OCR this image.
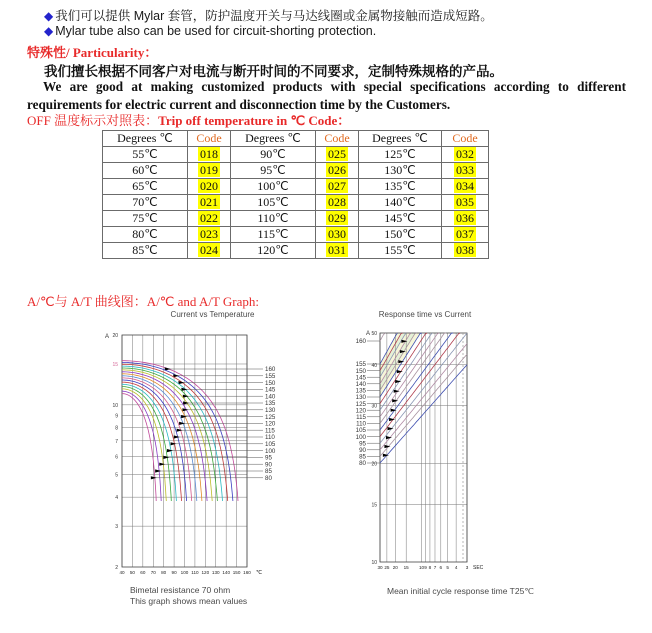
◆ 我们可以提供 Mylar 套管，防护温度开关与马达线圈或金属物接触而造成短路。
◆ Mylar tube also can be used for circuit-shorting protection.
特殊性/ Particularity：
我们擅长根据不同客户对电流与断开时间的不同要求，定制特殊规格的产品。
We are good at making customized products with special specifications according to different requirements for electric current and disconnection time by the Customers.
OFF 温度标示对照表：Trip off temperature in ℃ Code：
Degrees ℃	Code	Degrees ℃	Code	Degrees ℃	Code
55℃	018	90℃	025	125℃	032
60℃	019	95℃	026	130℃	033
65℃	020	100℃	027	135℃	034
70℃	021	105℃	028	140℃	035
75℃	022	110℃	029	145℃	036
80℃	023	115℃	030	150℃	037
85℃	024	120℃	031	155℃	038
A/℃与 A/T 曲线图：A/℃ and A/T Graph:
Current vs Temperature	Response time vs Current
40 50 60 70 80 90 100 110 120 130 140 150 160
20
15
10
9
8
7
6
5
4
3
2
A
℃
160
155
150
145
140
135
130
125
120
115
110
105
100
95
90
85
80
30 25 20 15 10 9 8 7 6 5 4 3
50
40
30
20
15
10
A
SEC
160
155
150
145
140
135
130
125
120
115
110
105
100
95
90
85
80
Bimetal resistance 70 ohm
This graph shows mean values
Mean initial cycle response time T25℃
